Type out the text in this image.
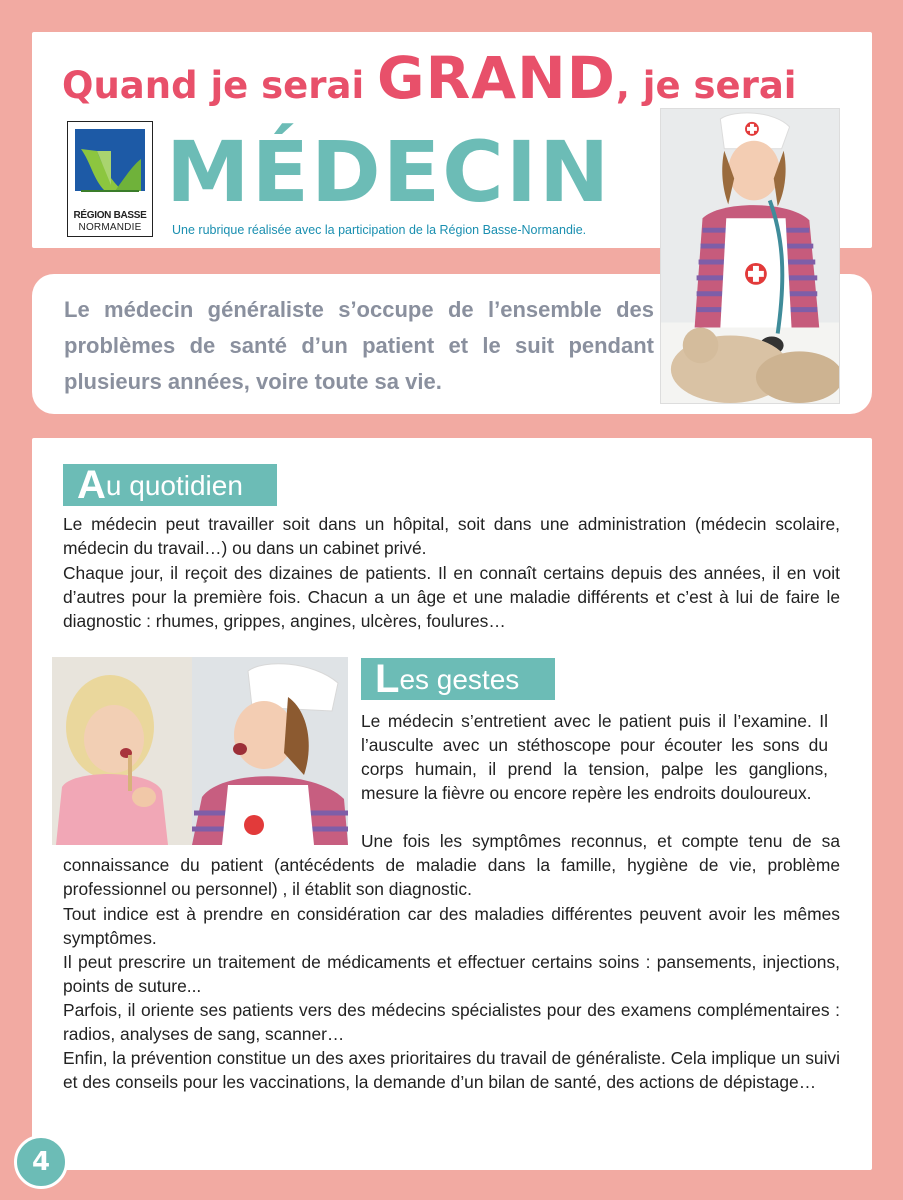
Quand je serai GRAND, je serai
RÉGION BASSE
NORMANDIE
MÉDECIN
Une rubrique réalisée avec la participation de la Région Basse-Normandie.

Le médecin généraliste s’occupe de l’ensemble des problèmes de santé d’un patient et le suit pendant plusieurs années, voire toute sa vie.

Au quotidien

Le médecin peut travailler soit dans un hôpital, soit dans une administration (médecin scolaire, médecin du travail…) ou dans un cabinet privé.

Chaque jour, il reçoit des dizaines de patients. Il en connaît certains depuis des années, il en voit d’autres pour la première fois. Chacun a un âge et une maladie différents et c’est à lui de faire le diagnostic : rhumes, grippes, angines, ulcères, foulures…

Les gestes

Le médecin s’entretient avec le patient puis il l’examine. Il l’ausculte avec un stéthoscope pour écouter les sons du corps humain, il prend la tension, palpe les ganglions, mesure la fièvre ou encore repère les endroits douloureux.

Une fois les symptômes reconnus, et compte tenu de sa connaissance du patient (antécédents de maladie dans la famille, hygiène de vie, problème professionnel ou personnel) , il établit son diagnostic.

Tout indice est à prendre en considération car des maladies différentes peuvent avoir les mêmes symptômes.

Il peut prescrire un traitement de médicaments et effectuer certains soins : pansements, injections, points de suture...

Parfois, il oriente ses patients vers des médecins spécialistes pour des examens complémentaires : radios, analyses de sang, scanner…

Enfin, la prévention constitue un des axes prioritaires du travail de généraliste. Cela implique un suivi et des conseils pour les vaccinations, la demande d’un bilan de santé, des actions de dépistage…

4
